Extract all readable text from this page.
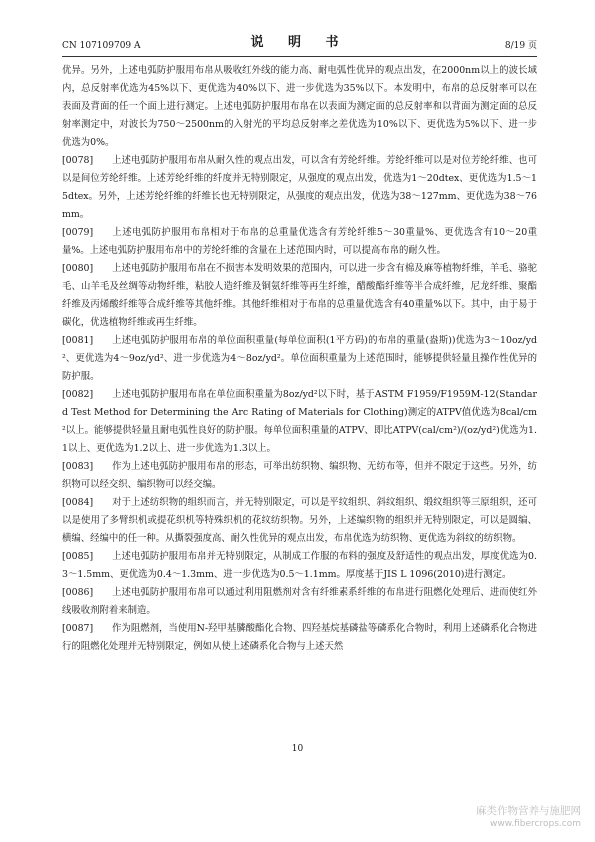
CN 107109709 A	说 明 书	8/19 页

优异。另外，上述电弧防护服用布帛从吸收红外线的能力高、耐电弧性优异的观点出发，在2000nm以上的波长域内，总反射率优选为45%以下、更优选为40%以下、进一步优选为35%以下。本发明中，布帛的总反射率可以在表面及背面的任一个面上进行测定。上述电弧防护服用布帛在以表面为测定面的总反射率和以背面为测定面的总反射率测定中，对波长为750～2500nm的入射光的平均总反射率之差优选为10%以下、更优选为5%以下、进一步优选为0%。

[0078] 上述电弧防护服用布帛从耐久性的观点出发，可以含有芳纶纤维。芳纶纤维可以是对位芳纶纤维、也可以是间位芳纶纤维。上述芳纶纤维的纤度并无特别限定，从强度的观点出发，优选为1～20dtex、更优选为1.5～15dtex。另外，上述芳纶纤维的纤维长也无特别限定，从强度的观点出发，优选为38～127mm、更优选为38～76mm。

[0079] 上述电弧防护服用布帛相对于布帛的总重量优选含有芳纶纤维5～30重量%、更优选含有10～20重量%。上述电弧防护服用布帛中的芳纶纤维的含量在上述范围内时，可以提高布帛的耐久性。

[0080] 上述电弧防护服用布帛在不损害本发明效果的范围内，可以进一步含有棉及麻等植物纤维，羊毛、骆驼毛、山羊毛及丝绸等动物纤维，粘胶人造纤维及铜氨纤维等再生纤维，醋酸酯纤维等半合成纤维，尼龙纤维、聚酯纤维及丙烯酸纤维等合成纤维等其他纤维。其他纤维相对于布帛的总重量优选含有40重量%以下。其中，由于易于碳化，优选植物纤维或再生纤维。

[0081] 上述电弧防护服用布帛的单位面积重量(每单位面积(1平方码)的布帛的重量(盎斯))优选为3～10oz/yd²、更优选为4～9oz/yd²、进一步优选为4～8oz/yd²。单位面积重量为上述范围时，能够提供轻量且操作性优异的防护服。

[0082] 上述电弧防护服用布帛在单位面积重量为8oz/yd²以下时，基于ASTM F1959/F1959M-12(Standard Test Method for Determining the Arc Rating of Materials for Clothing)测定的ATPV值优选为8cal/cm²以上。能够提供轻量且耐电弧性良好的防护服。每单位面积重量的ATPV、即比ATPV(cal/cm²)/(oz/yd²)优选为1.1以上、更优选为1.2以上、进一步优选为1.3以上。

[0083] 作为上述电弧防护服用布帛的形态，可举出纺织物、编织物、无纺布等，但并不限定于这些。另外，纺织物可以经交织、编织物可以经交编。

[0084] 对于上述纺织物的组织而言，并无特别限定，可以是平纹组织、斜纹组织、缎纹组织等三原组织，还可以是使用了多臂织机或提花织机等特殊织机的花纹纺织物。另外，上述编织物的组织并无特别限定，可以是圆编、横编、经编中的任一种。从撕裂强度高、耐久性优异的观点出发，布帛优选为纺织物、更优选为斜纹的纺织物。

[0085] 上述电弧防护服用布帛并无特别限定，从制成工作服的布料的强度及舒适性的观点出发，厚度优选为0.3～1.5mm、更优选为0.4～1.3mm、进一步优选为0.5～1.1mm。厚度基于JIS L 1096(2010)进行测定。

[0086] 上述电弧防护服用布帛可以通过利用阻燃剂对含有纤维素系纤维的布帛进行阻燃化处理后、进而使红外线吸收剂附着来制造。

[0087] 作为阻燃剂，当使用N-羟甲基膦酸酯化合物、四羟基烷基磷盐等磷系化合物时，利用上述磷系化合物进行的阻燃化处理并无特别限定，例如从使上述磷系化合物与上述天然

10
麻类作物营养与施肥网
www.fibercrops.com
